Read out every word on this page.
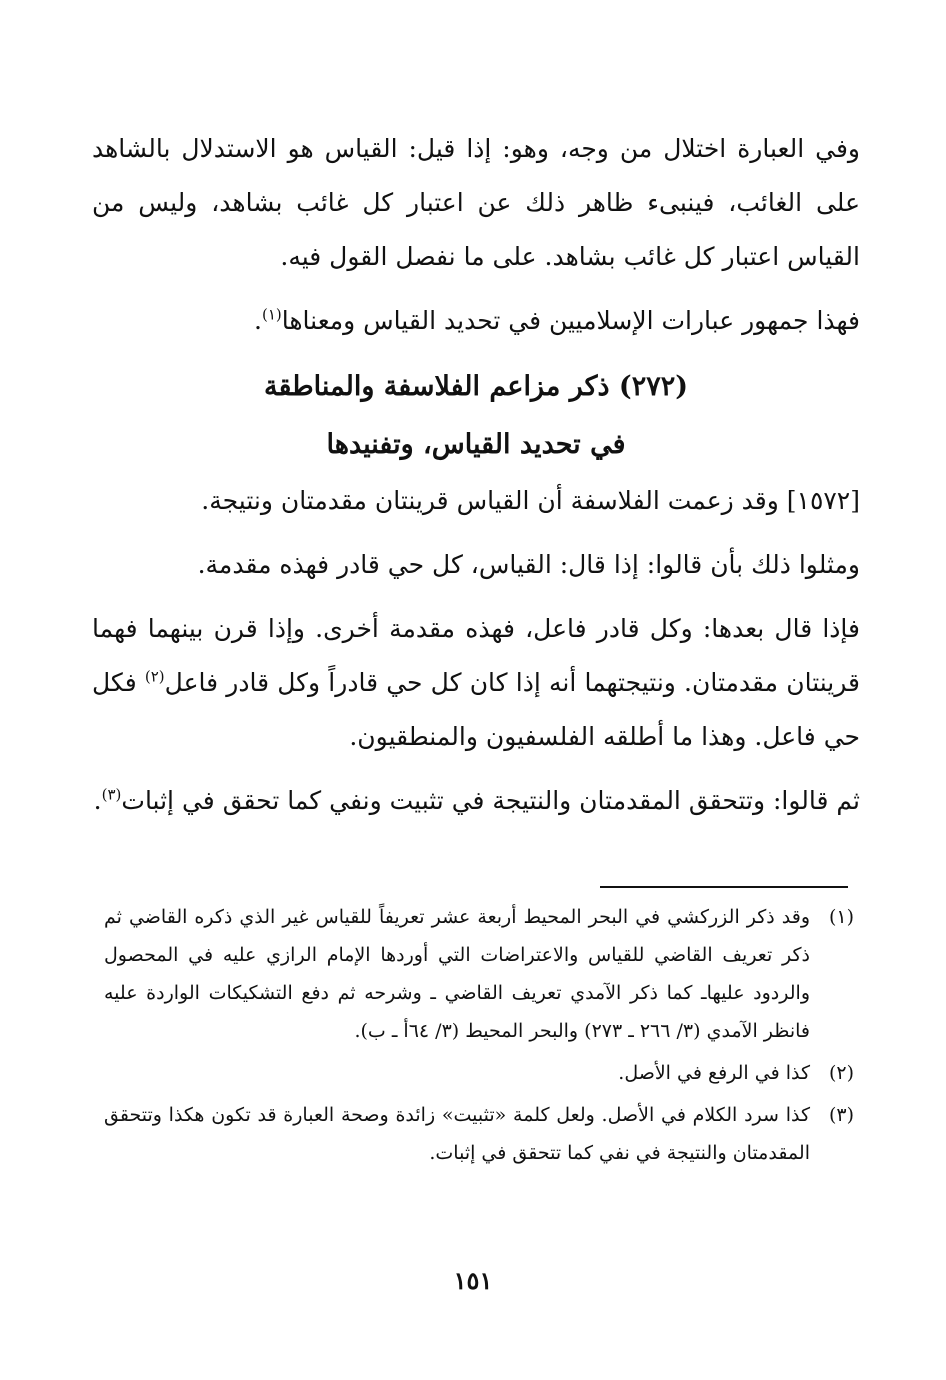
وفي العبارة اختلال من وجه، وهو: إذا قيل: القياس هو الاستدلال بالشاهد على الغائب، فينبىء ظاهر ذلك عن اعتبار كل غائب بشاهد، وليس من القياس اعتبار كل غائب بشاهد. على ما نفصل القول فيه.

فهذا جمهور عبارات الإسلاميين في تحديد القياس ومعناها$^{(١)}$.

(٢٧٢) ذكر مزاعم الفلاسفة والمناطقة
في تحديد القياس، وتفنيدها

[١٥٧٢] وقد زعمت الفلاسفة أن القياس قرينتان مقدمتان ونتيجة.

ومثلوا ذلك بأن قالوا: إذا قال: القياس، كل حي قادر فهذه مقدمة.

فإذا قال بعدها: وكل قادر فاعل، فهذه مقدمة أخرى. وإذا قرن بينهما فهما قرينتان مقدمتان. ونتيجتهما أنه إذا كان كل حي قادراً وكل قادر فاعل$^{(٢)}$ فكل حي فاعل. وهذا ما أطلقه الفلسفيون والمنطقيون.

ثم قالوا: وتتحقق المقدمتان والنتيجة في تثبيت ونفي كما تحقق في إثبات$^{(٣)}$.

(١)
وقد ذكر الزركشي في البحر المحيط أربعة عشر تعريفاً للقياس غير الذي ذكره القاضي ثم ذكر تعريف القاضي للقياس والاعتراضات التي أوردها الإمام الرازي عليه في المحصول والردود عليهاـ كما ذكر الآمدي تعريف القاضي ـ وشرحه ثم دفع التشكيكات الواردة عليه فانظر الآمدي (٣/ ٢٦٦ ـ ٢٧٣) والبحر المحيط (٣/ ٦٤أ ـ ب).
(٢)
كذا في الرفع في الأصل.
(٣)
كذا سرد الكلام في الأصل. ولعل كلمة «تثبيت» زائدة وصحة العبارة قد تكون هكذا وتتحقق المقدمتان والنتيجة في نفي كما تتحقق في إثبات.
١٥١
